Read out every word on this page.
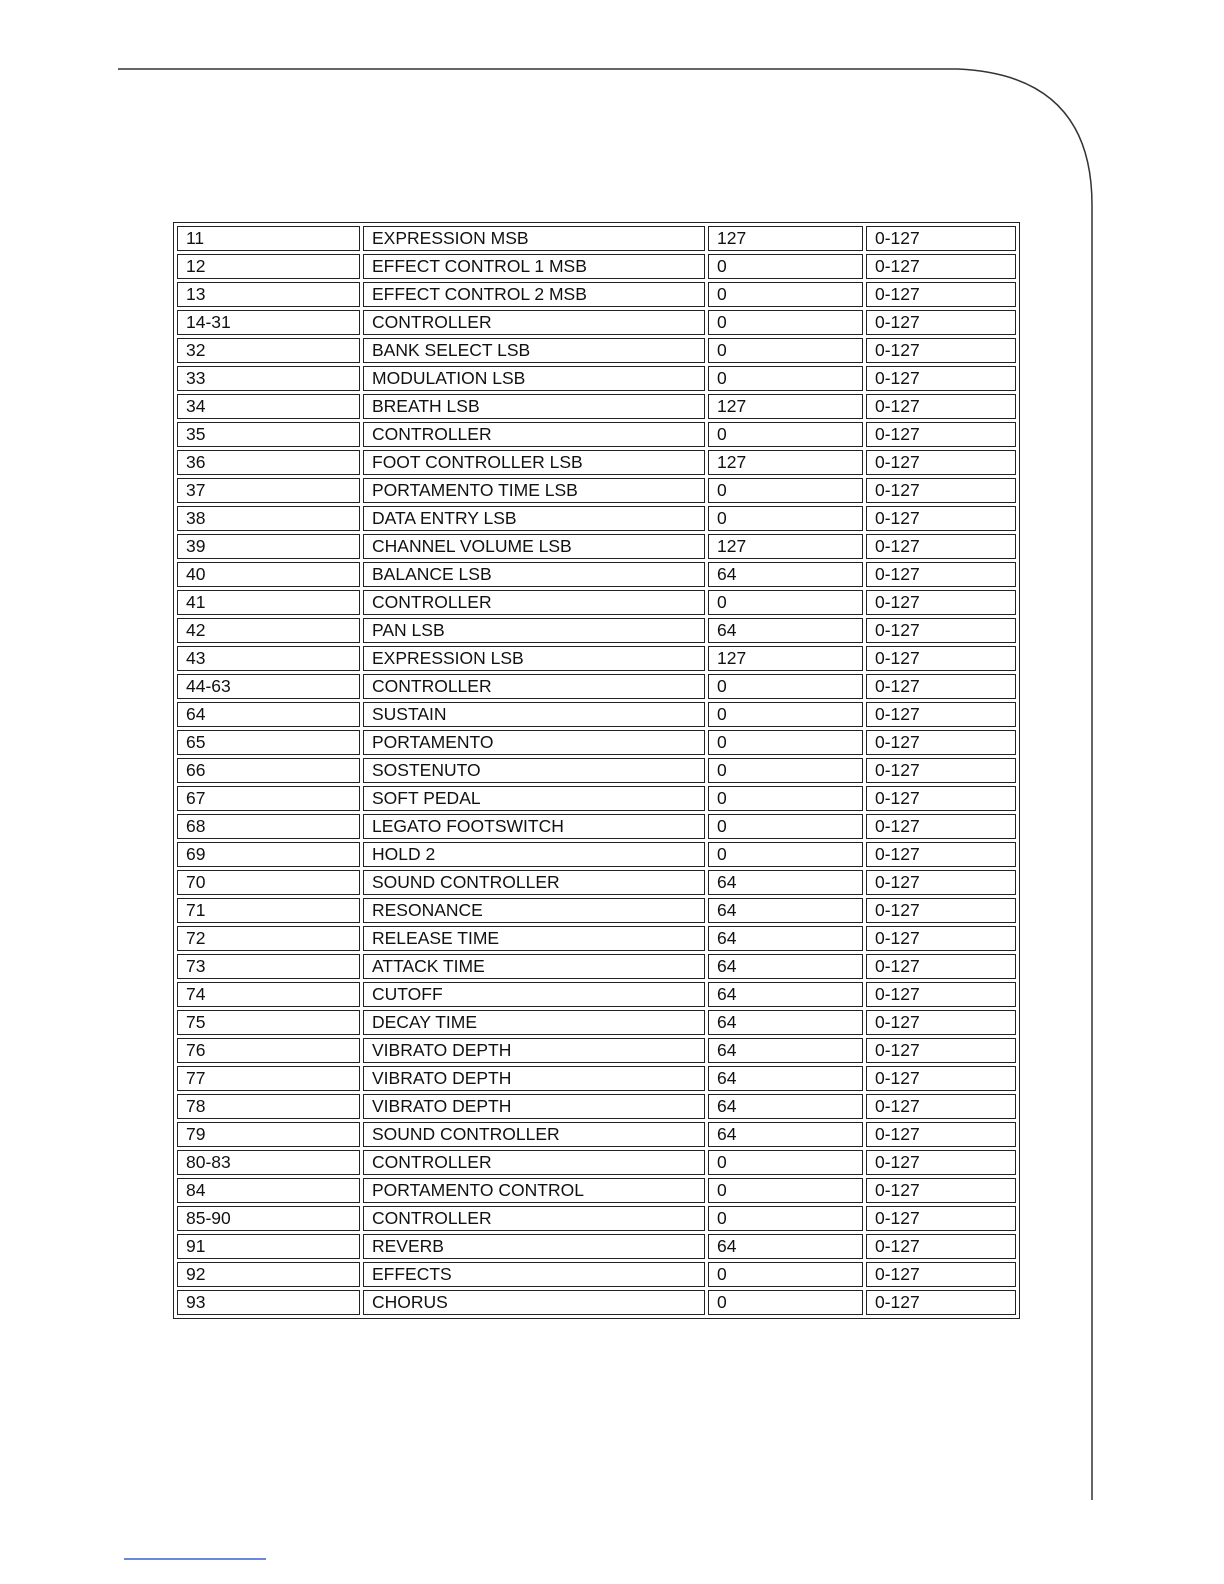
11	EXPRESSION MSB	127	0-127
12	EFFECT CONTROL 1 MSB	0	0-127
13	EFFECT CONTROL 2 MSB	0	0-127
14-31	CONTROLLER	0	0-127
32	BANK SELECT LSB	0	0-127
33	MODULATION LSB	0	0-127
34	BREATH LSB	127	0-127
35	CONTROLLER	0	0-127
36	FOOT CONTROLLER LSB	127	0-127
37	PORTAMENTO TIME LSB	0	0-127
38	DATA ENTRY LSB	0	0-127
39	CHANNEL VOLUME LSB	127	0-127
40	BALANCE LSB	64	0-127
41	CONTROLLER	0	0-127
42	PAN LSB	64	0-127
43	EXPRESSION LSB	127	0-127
44-63	CONTROLLER	0	0-127
64	SUSTAIN	0	0-127
65	PORTAMENTO	0	0-127
66	SOSTENUTO	0	0-127
67	SOFT PEDAL	0	0-127
68	LEGATO FOOTSWITCH	0	0-127
69	HOLD 2	0	0-127
70	SOUND CONTROLLER	64	0-127
71	RESONANCE	64	0-127
72	RELEASE TIME	64	0-127
73	ATTACK TIME	64	0-127
74	CUTOFF	64	0-127
75	DECAY TIME	64	0-127
76	VIBRATO DEPTH	64	0-127
77	VIBRATO DEPTH	64	0-127
78	VIBRATO DEPTH	64	0-127
79	SOUND CONTROLLER	64	0-127
80-83	CONTROLLER	0	0-127
84	PORTAMENTO CONTROL	0	0-127
85-90	CONTROLLER	0	0-127
91	REVERB	64	0-127
92	EFFECTS	0	0-127
93	CHORUS	0	0-127
